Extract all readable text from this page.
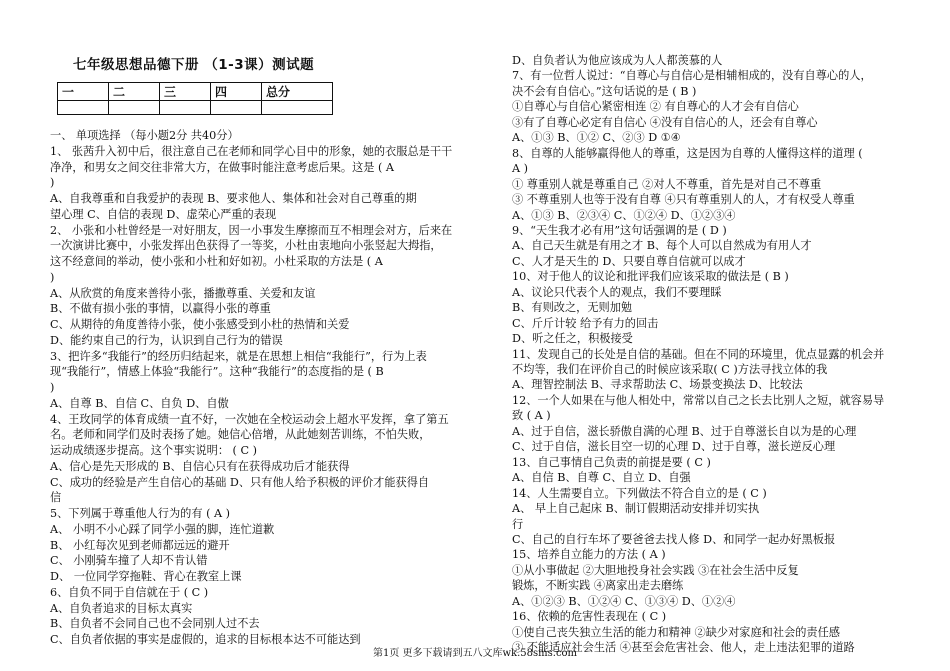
七年级思想品德下册 （1-3课）测试题
一	二	三	四	总分

一、 单项选择 （每小题2分 共40分）
1、 张茜升入初中后，很注意自己在老师和同学心目中的形象，她的衣服总是干干
净净，和男女之间交往非常大方，在做事时能注意考虑后果。这是 ( A
)
A、自我尊重和自我爱护的表现 B、要求他人、集体和社会对自己尊重的期
望心理 C、自信的表现 D、虚荣心严重的表现
2、 小张和小杜曾经是一对好朋友，因一小事发生摩擦而互不相理会对方，后来在
一次演讲比赛中，小张发挥出色获得了一等奖，小杜由衷地向小张竖起大拇指，
这不经意间的举动，使小张和小杜和好如初。小杜采取的方法是 ( A
)
A、从欣赏的角度来善待小张，播撒尊重、关爱和友谊
B、不做有损小张的事情，以赢得小张的尊重
C、从期待的角度善待小张，使小张感受到小杜的热情和关爱
D、能约束自己的行为，认识到自己行为的错误
3、把许多“我能行”的经历归结起来，就是在思想上相信“我能行”，行为上表
现“我能行”，情感上体验“我能行”。这种“我能行”的态度指的是 ( B
)
A、自尊 B、自信 C、自负 D、自傲
4、王玫同学的体育成绩一直不好，一次她在全校运动会上超水平发挥，拿了第五
名。老师和同学们及时表扬了她。她信心倍增，从此她刻苦训练，不怕失败，
运动成绩逐步提高。这个事实说明： ( C )
A、信心是先天形成的 B、自信心只有在获得成功后才能获得
C、成功的经验是产生自信心的基础 D、只有他人给予积极的评价才能获得自
信
5、下列属于尊重他人行为的有 ( A )
A、 小明不小心踩了同学小强的脚，连忙道歉
B、 小红每次见到老师都远远的避开
C、 小刚骑车撞了人却不肯认错
D、 一位同学穿拖鞋、背心在教室上课
6、自负不同于自信就在于 ( C )
A、自负者追求的目标太真实
B、自负者不会同自己也不会同别人过不去
C、自负者依据的事实是虚假的，追求的目标根本达不可能达到
D、自负者认为他应该成为人人都羡慕的人
7、有一位哲人说过：“自尊心与自信心是相辅相成的，没有自尊心的人，
决不会有自信心。”这句话说的是 ( B )
①自尊心与自信心紧密相连 ② 有自尊心的人才会有自信心
③有了自尊心必定有自信心 ④没有自信心的人，还会有自尊心
A、①③ B、①② C、②③ D ①④
8、自尊的人能够赢得他人的尊重，这是因为自尊的人懂得这样的道理 (
A )
① 尊重别人就是尊重自己 ②对人不尊重，首先是对自己不尊重
③ 不尊重别人也等于没有自尊 ④只有尊重别人的人，才有权受人尊重
A、①③ B、②③④ C、①②④ D、①②③④
9、“天生我才必有用”这句话强调的是 ( D )
A、自己天生就是有用之才 B、每个人可以自然成为有用人才
C、人才是天生的 D、只要自尊自信就可以成才
10、对于他人的议论和批评我们应该采取的做法是 ( B )
A、议论只代表个人的观点，我们不要理睬
B、有则改之，无则加勉
C、斤斤计较 给予有力的回击
D、听之任之，积极接受
11、发现自己的长处是自信的基础。但在不同的环境里，优点显露的机会并
不均等，我们在评价自己的时候应该采取( C )方法寻找立体的我
A、理智控制法 B、寻求帮助法 C、场景变换法 D、比较法
12、一个人如果在与他人相处中，常常以自己之长去比别人之短，就容易导
致 ( A )
A、过于自信，滋长骄傲自满的心理 B、过于自尊滋长自以为是的心理
C、过于自信，滋长目空一切的心理 D、过于自尊，滋长逆反心理
13、自己事情自己负责的前提是要 ( C )
A、自信 B、自尊 C、自立 D、自强
14、人生需要自立。下列做法不符合自立的是 ( C )
A、 早上自己起床 B、制订假期活动安排并切实执
行
C、自己的自行车坏了要爸爸去找人修 D、和同学一起办好黑板报
15、培养自立能力的方法 ( A )
①从小事做起 ②大胆地投身社会实践 ③在社会生活中反复
锻炼，不断实践 ④离家出走去磨练
A、①②③ B、①②④ C、①③④ D、①②④
16、依赖的危害性表现在 ( C )
①使自己丧失独立生活的能力和精神 ②缺少对家庭和社会的责任感
③ 不能适应社会生活 ④甚至会危害社会、他人，走上违法犯罪的道路
第1页 更多下载请到五八文库wk.58sms.com
